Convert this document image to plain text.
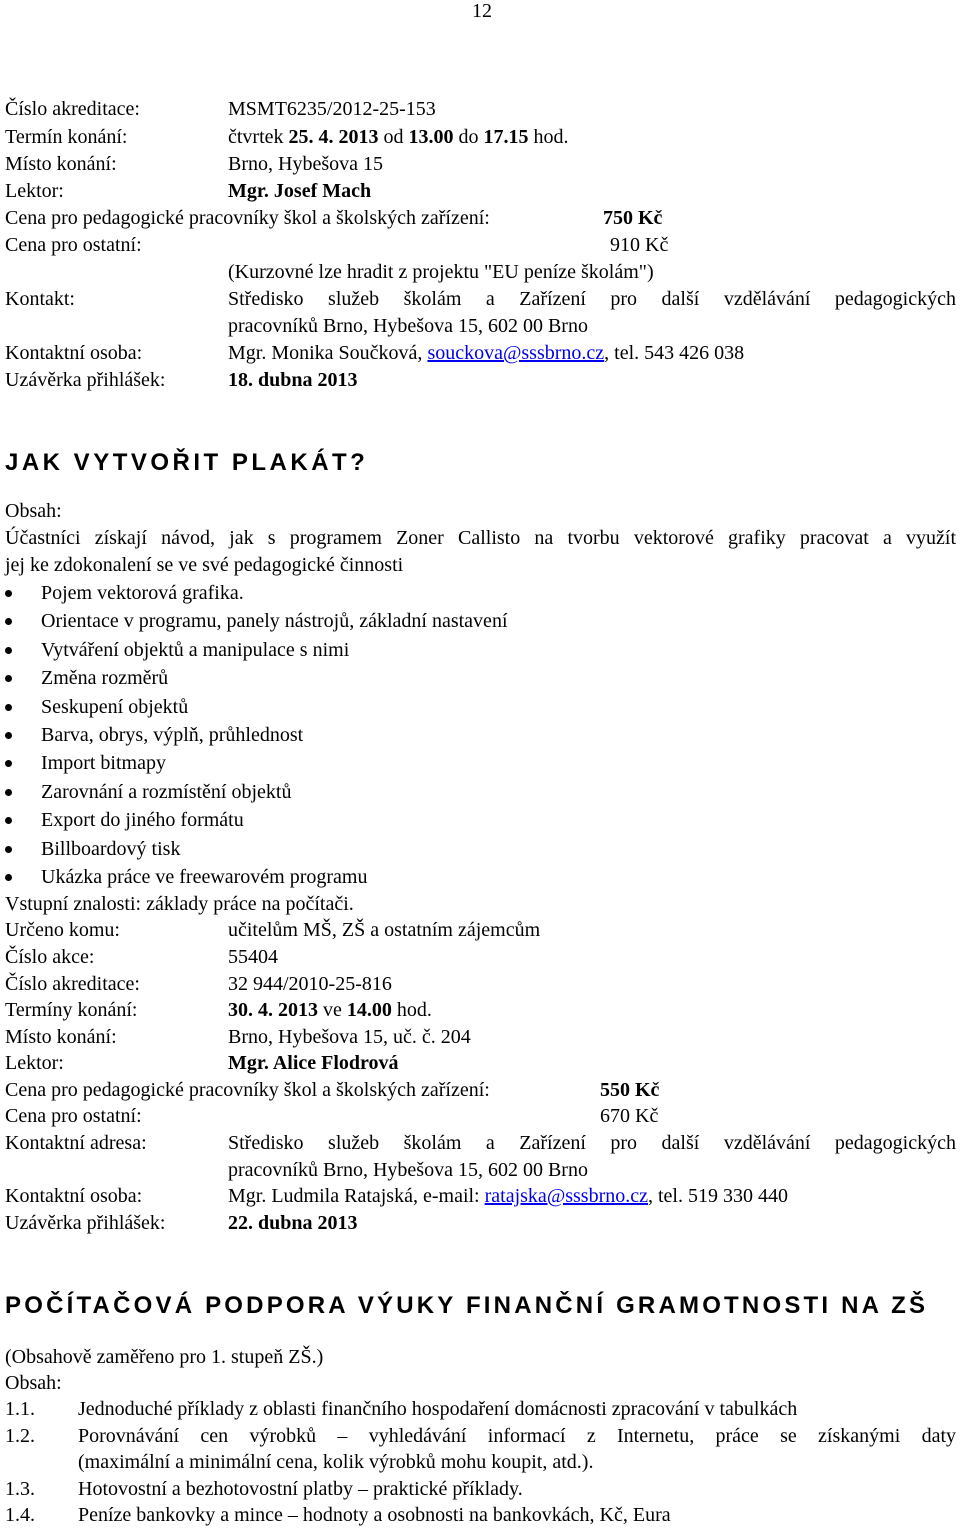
12
Číslo akreditace:	MSMT6235/2012-25-153
Termín konání:	čtvrtek 25. 4. 2013 od 13.00 do 17.15 hod.
Místo konání:	Brno, Hybešova 15
Lektor:	Mgr. Josef Mach
Cena pro pedagogické pracovníky škol a školských zařízení:	750 Kč
Cena pro ostatní:	910 Kč
(Kurzovné lze hradit z projektu "EU peníze školám")
Kontakt:	Středisko služeb školám a Zařízení pro další vzdělávání pedagogických
pracovníků Brno, Hybešova 15, 602 00 Brno
Kontaktní osoba:	Mgr. Monika Součková, souckova@sssbrno.cz, tel. 543 426 038
Uzávěrka přihlášek:	18. dubna 2013
JAK VYTVOŘIT PLAKÁT?
Obsah:
Účastníci získají návod, jak s programem Zoner Callisto na tvorbu vektorové grafiky pracovat a využít
jej ke zdokonalení se ve své pedagogické činnosti
Pojem vektorová grafika.
Orientace v programu, panely nástrojů, základní nastavení
Vytváření objektů a manipulace s nimi
Změna rozměrů
Seskupení objektů
Barva, obrys, výplň, průhlednost
Import bitmapy
Zarovnání a rozmístění objektů
Export do jiného formátu
Billboardový tisk
Ukázka práce ve freewarovém programu
Vstupní znalosti: základy práce na počítači.
Určeno komu:	učitelům MŠ, ZŠ a ostatním zájemcům
Číslo akce:	55404
Číslo akreditace:	32 944/2010-25-816
Termíny konání:	30. 4. 2013 ve 14.00 hod.
Místo konání:	Brno, Hybešova 15, uč. č. 204
Lektor:	Mgr. Alice Flodrová
Cena pro pedagogické pracovníky škol a školských zařízení:	550 Kč
Cena pro ostatní:	670 Kč
Kontaktní adresa:	Středisko služeb školám a Zařízení pro další vzdělávání pedagogických
pracovníků Brno, Hybešova 15, 602 00 Brno
Kontaktní osoba:	Mgr. Ludmila Ratajská, e-mail: ratajska@sssbrno.cz, tel. 519 330 440
Uzávěrka přihlášek:	22. dubna 2013
POČÍTAČOVÁ PODPORA VÝUKY FINANČNÍ GRAMOTNOSTI NA ZŠ
(Obsahově zaměřeno pro 1. stupeň ZŠ.)
Obsah:
1.1. Jednoduché příklady z oblasti finančního hospodaření domácnosti zpracování v tabulkách
1.2. Porovnávání cen výrobků – vyhledávání informací z Internetu, práce se získanými daty
(maximální a minimální cena, kolik výrobků mohu koupit, atd.).
1.3. Hotovostní a bezhotovostní platby – praktické příklady.
1.4. Peníze bankovky a mince – hodnoty a osobnosti na bankovkách, Kč, Eura
